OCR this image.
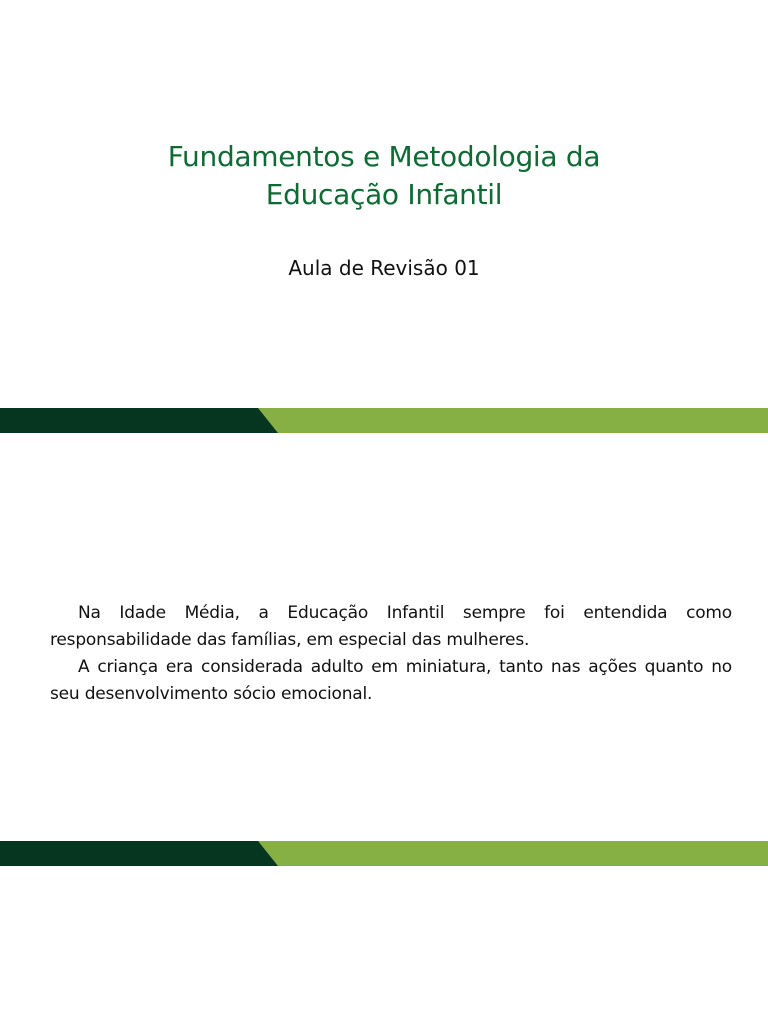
Fundamentos e Metodologia da
Educação Infantil
Aula de Revisão 01

Na Idade Média, a Educação Infantil sempre foi entendida como responsabilidade das famílias, em especial das mulheres.

A criança era considerada adulto em miniatura, tanto nas ações quanto no seu desenvolvimento sócio emocional.
